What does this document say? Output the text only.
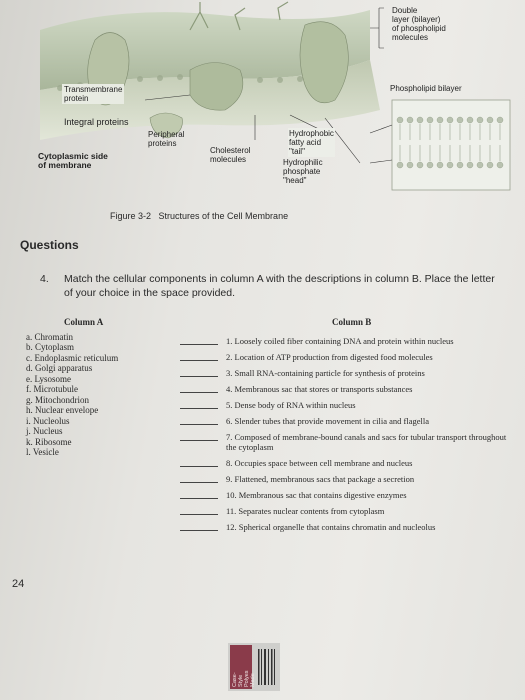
Double
layer (bilayer)
of phospholipid
molecules
Phospholipid bilayer
Transmembrane
protein
Integral proteins
Peripheral
proteins
Cholesterol
molecules
Hydrophobic
fatty acid
"tail"
Hydrophilic
phosphate
"head"
Cytoplasmic side
of membrane
Figure 3-2   Structures of the Cell Membrane
Questions
4. Match the cellular components in column A with the descriptions in column B. Place the letter of your choice in the space provided.
Column A
a. Chromatin
b. Cytoplasm
c. Endoplasmic reticulum
d. Golgi apparatus
e. Lysosome
f. Microtubule
g. Mitochondrion
h. Nuclear envelope
i. Nucleolus
j. Nucleus
k. Ribosome
l. Vesicle
Column B
1. Loosely coiled fiber containing DNA and protein within nucleus
2. Location of ATP production from digested food molecules
3. Small RNA-containing particle for synthesis of proteins
4. Membranous sac that stores or transports substances
5. Dense body of RNA within nucleus
6. Slender tubes that provide movement in cilia and flagella
7. Composed of membrane-bound canals and sacs for tubular transport throughout the cytoplasm
8. Occupies space between cell membrane and nucleus
9. Flattened, membranous sacs that package a secretion
10. Membranous sac that contains digestive enzymes
11. Separates nuclear contents from cytoplasm
12. Spherical organelle that contains chromatin and nucleolus
24
Case-
Style
Polyes
Made
